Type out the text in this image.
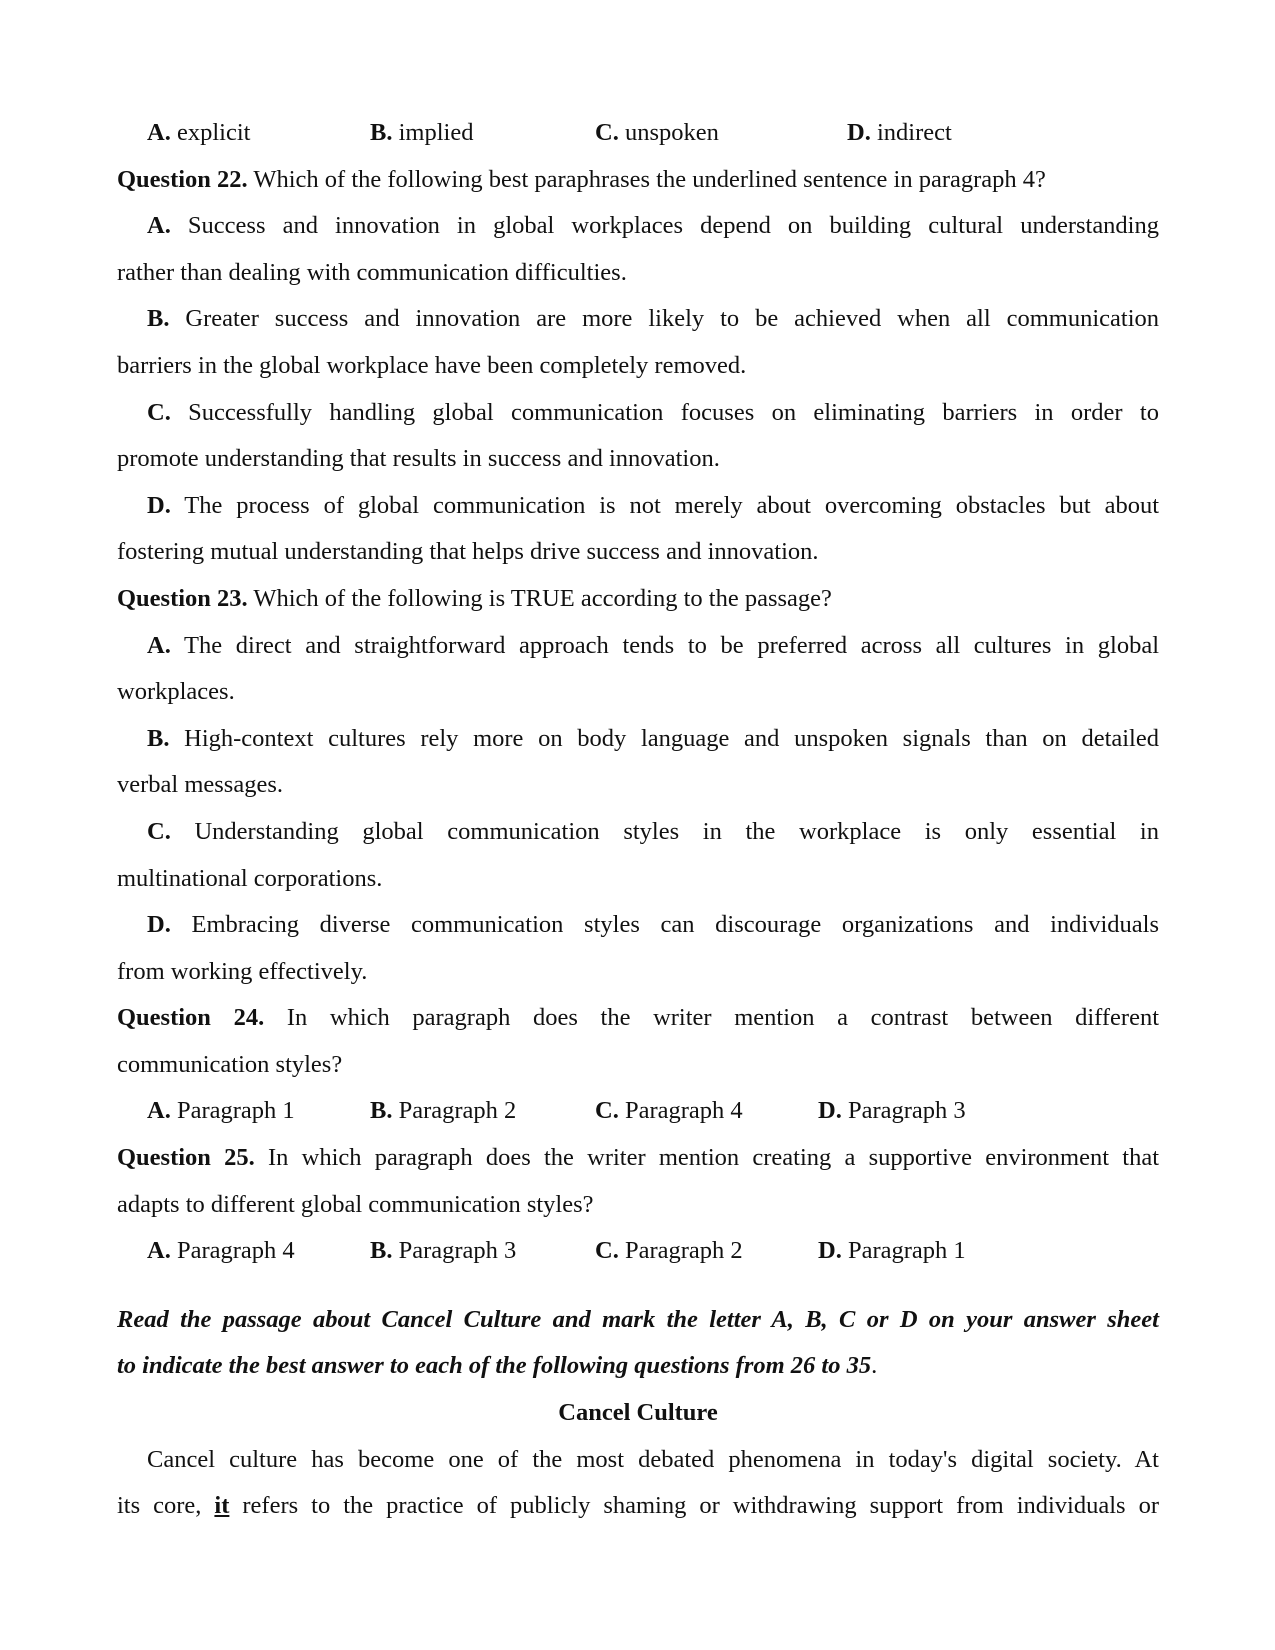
A. explicit	B. implied	C. unspoken	D. indirect
Question 22. Which of the following best paraphrases the underlined sentence in paragraph 4?
A. Success and innovation in global workplaces depend on building cultural understanding
rather than dealing with communication difficulties.
B. Greater success and innovation are more likely to be achieved when all communication
barriers in the global workplace have been completely removed.
C. Successfully handling global communication focuses on eliminating barriers in order to
promote understanding that results in success and innovation.
D. The process of global communication is not merely about overcoming obstacles but about
fostering mutual understanding that helps drive success and innovation.
Question 23. Which of the following is TRUE according to the passage?
A. The direct and straightforward approach tends to be preferred across all cultures in global
workplaces.
B. High-context cultures rely more on body language and unspoken signals than on detailed
verbal messages.
C. Understanding global communication styles in the workplace is only essential in
multinational corporations.
D. Embracing diverse communication styles can discourage organizations and individuals
from working effectively.
Question 24. In which paragraph does the writer mention a contrast between different
communication styles?
A. Paragraph 1	B. Paragraph 2	C. Paragraph 4	D. Paragraph 3
Question 25. In which paragraph does the writer mention creating a supportive environment that
adapts to different global communication styles?
A. Paragraph 4	B. Paragraph 3	C. Paragraph 2	D. Paragraph 1
Read the passage about Cancel Culture and mark the letter A, B, C or D on your answer sheet
to indicate the best answer to each of the following questions from 26 to 35.
Cancel Culture
Cancel culture has become one of the most debated phenomena in today's digital society. At
its core, it refers to the practice of publicly shaming or withdrawing support from individuals or
